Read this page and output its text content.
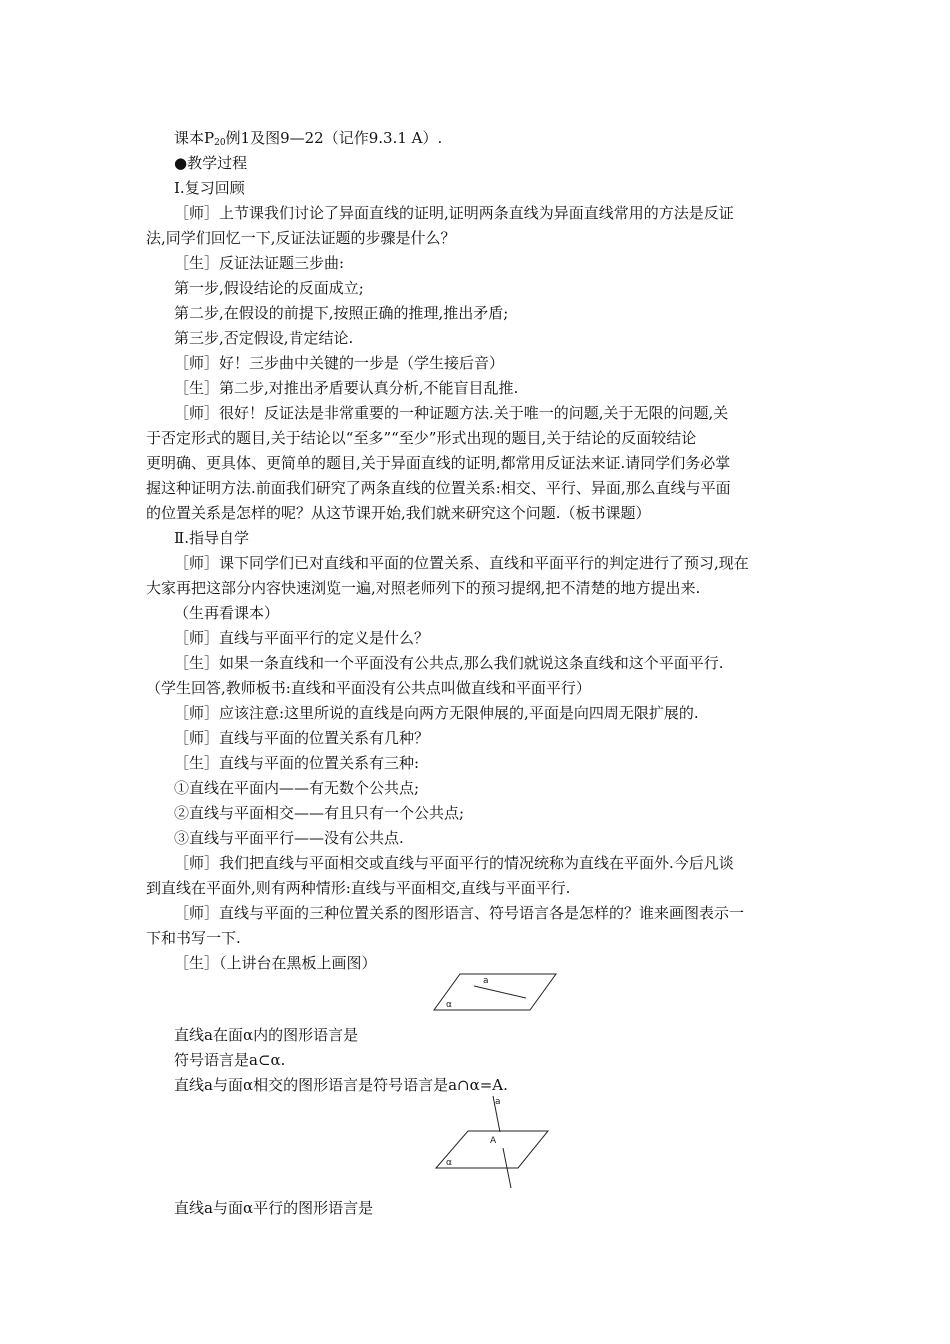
课本$P_{20}$例1及图9—22（记作9.3.1 A）.
●教学过程
Ⅰ.复习回顾
［师］上节课我们讨论了异面直线的证明,证明两条直线为异面直线常用的方法是反证
法,同学们回忆一下,反证法证题的步骤是什么？
［生］反证法证题三步曲:
第一步,假设结论的反面成立;
第二步,在假设的前提下,按照正确的推理,推出矛盾;
第三步,否定假设,肯定结论.
［师］好！三步曲中关键的一步是（学生接后音）
［生］第二步,对推出矛盾要认真分析,不能盲目乱推.
［师］很好！反证法是非常重要的一种证题方法.关于唯一的问题,关于无限的问题,关
于否定形式的题目,关于结论以“至多”“至少”形式出现的题目,关于结论的反面较结论
更明确、更具体、更简单的题目,关于异面直线的证明,都常用反证法来证.请同学们务必掌
握这种证明方法.前面我们研究了两条直线的位置关系:相交、平行、异面,那么直线与平面
的位置关系是怎样的呢？从这节课开始,我们就来研究这个问题.（板书课题）
Ⅱ.指导自学
［师］课下同学们已对直线和平面的位置关系、直线和平面平行的判定进行了预习,现在
大家再把这部分内容快速浏览一遍,对照老师列下的预习提纲,把不清楚的地方提出来.
（生再看课本）
［师］直线与平面平行的定义是什么？
［生］如果一条直线和一个平面没有公共点,那么我们就说这条直线和这个平面平行.
（学生回答,教师板书:直线和平面没有公共点叫做直线和平面平行）
［师］应该注意:这里所说的直线是向两方无限伸展的,平面是向四周无限扩展的.
［师］直线与平面的位置关系有几种？
［生］直线与平面的位置关系有三种:
①直线在平面内——有无数个公共点;
②直线与平面相交——有且只有一个公共点;
③直线与平面平行——没有公共点.
［师］我们把直线与平面相交或直线与平面平行的情况统称为直线在平面外.今后凡谈
到直线在平面外,则有两种情形:直线与平面相交,直线与平面平行.
［师］直线与平面的三种位置关系的图形语言、符号语言各是怎样的？谁来画图表示一
下和书写一下.
［生］（上讲台在黑板上画图）
a
α
直线a在面α内的图形语言是
符号语言是a⊂α.
直线a与面α相交的图形语言是符号语言是a∩α=A.
a
A
α
直线a与面α平行的图形语言是
